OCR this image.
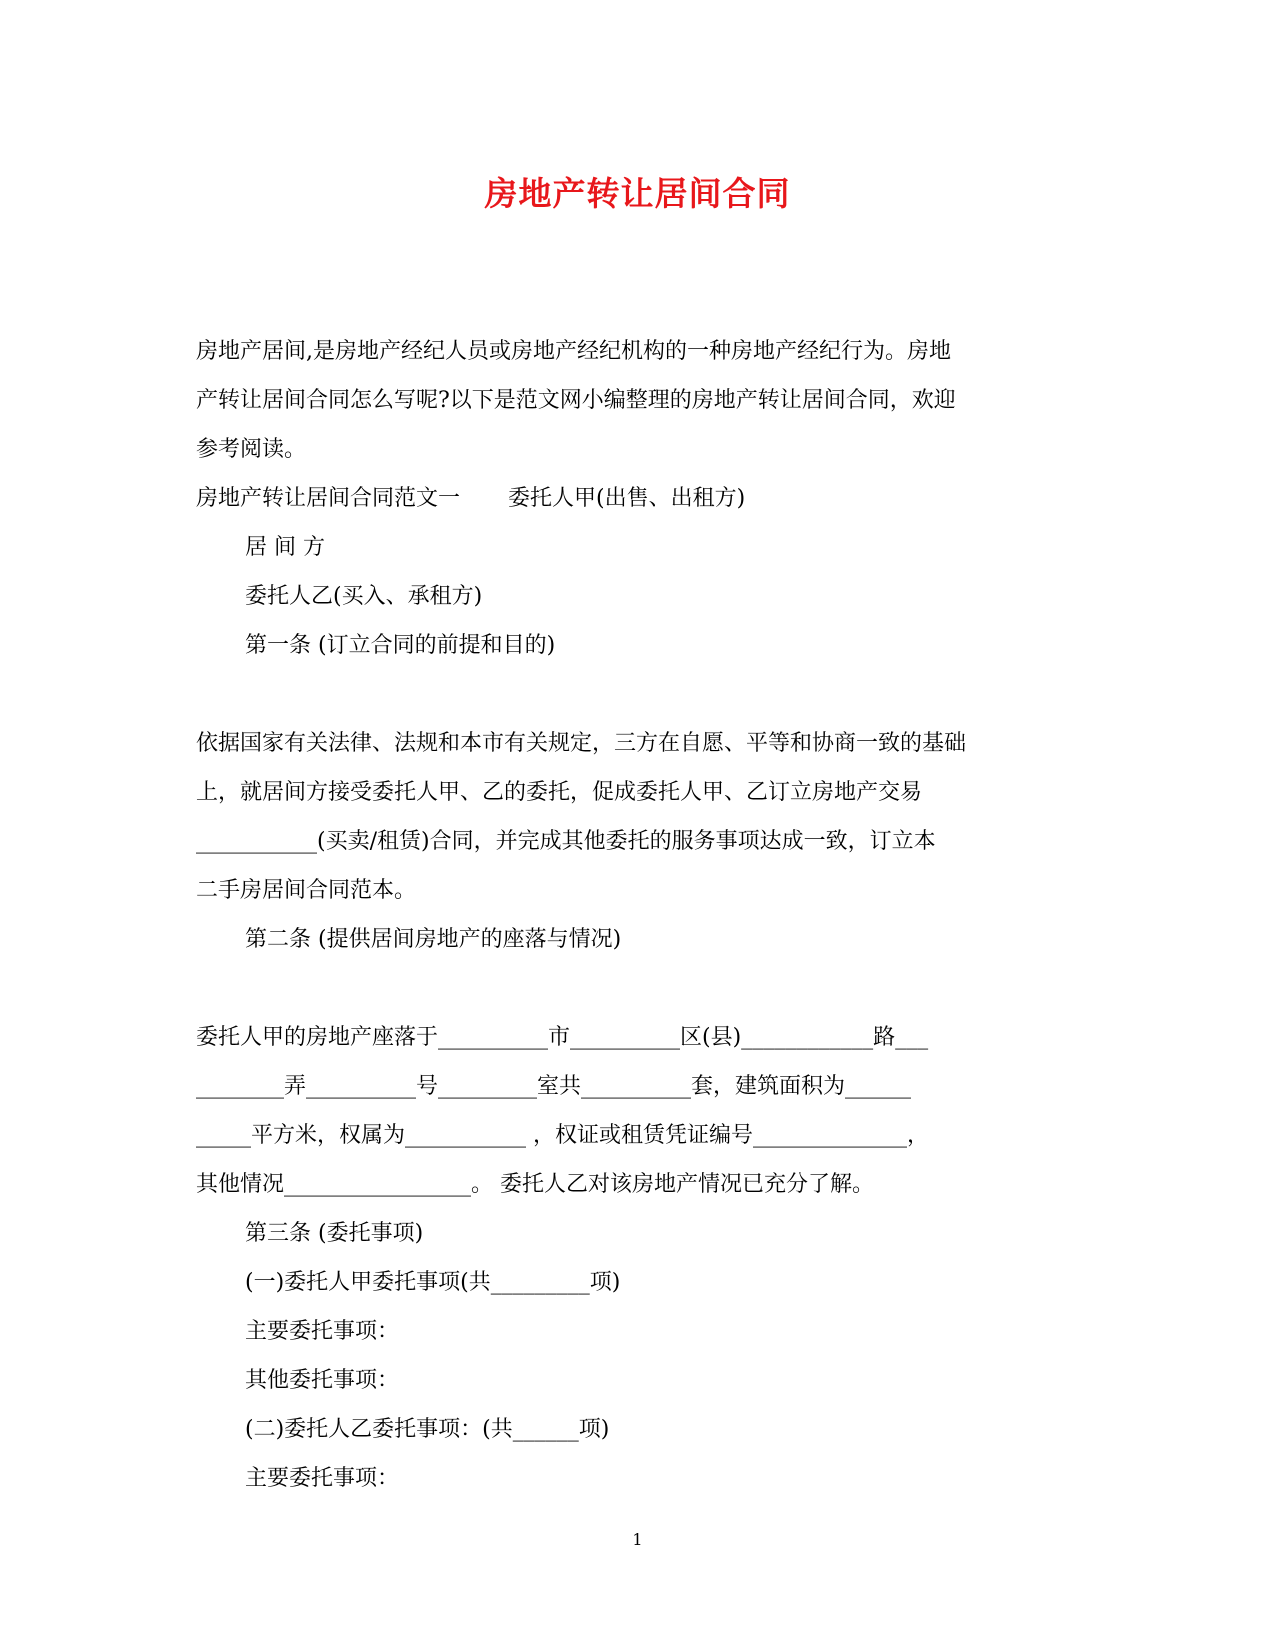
房地产转让居间合同
房地产居间,是房地产经纪人员或房地产经纪机构的一种房地产经纪行为。房地
产转让居间合同怎么写呢?以下是范文网小编整理的房地产转让居间合同，欢迎
参考阅读。
房地产转让居间合同范文一 委托人甲(出售、出租方)
居 间 方
委托人乙(买入、承租方)
第一条 (订立合同的前提和目的)
依据国家有关法律、法规和本市有关规定，三方在自愿、平等和协商一致的基础
上，就居间方接受委托人甲、乙的委托，促成委托人甲、乙订立房地产交易
___________(买卖/租赁)合同，并完成其他委托的服务事项达成一致，订立本
二手房居间合同范本。
第二条 (提供居间房地产的座落与情况)
委托人甲的房地产座落于__________市__________区(县)____________路___
________弄__________号_________室共__________套，建筑面积为______
_____平方米，权属为___________ ，权证或租赁凭证编号______________，
其他情况_________________。 委托人乙对该房地产情况已充分了解。
第三条 (委托事项)
(一)委托人甲委托事项(共_________项)
主要委托事项：
其他委托事项：
(二)委托人乙委托事项：(共______项)
主要委托事项：
1
